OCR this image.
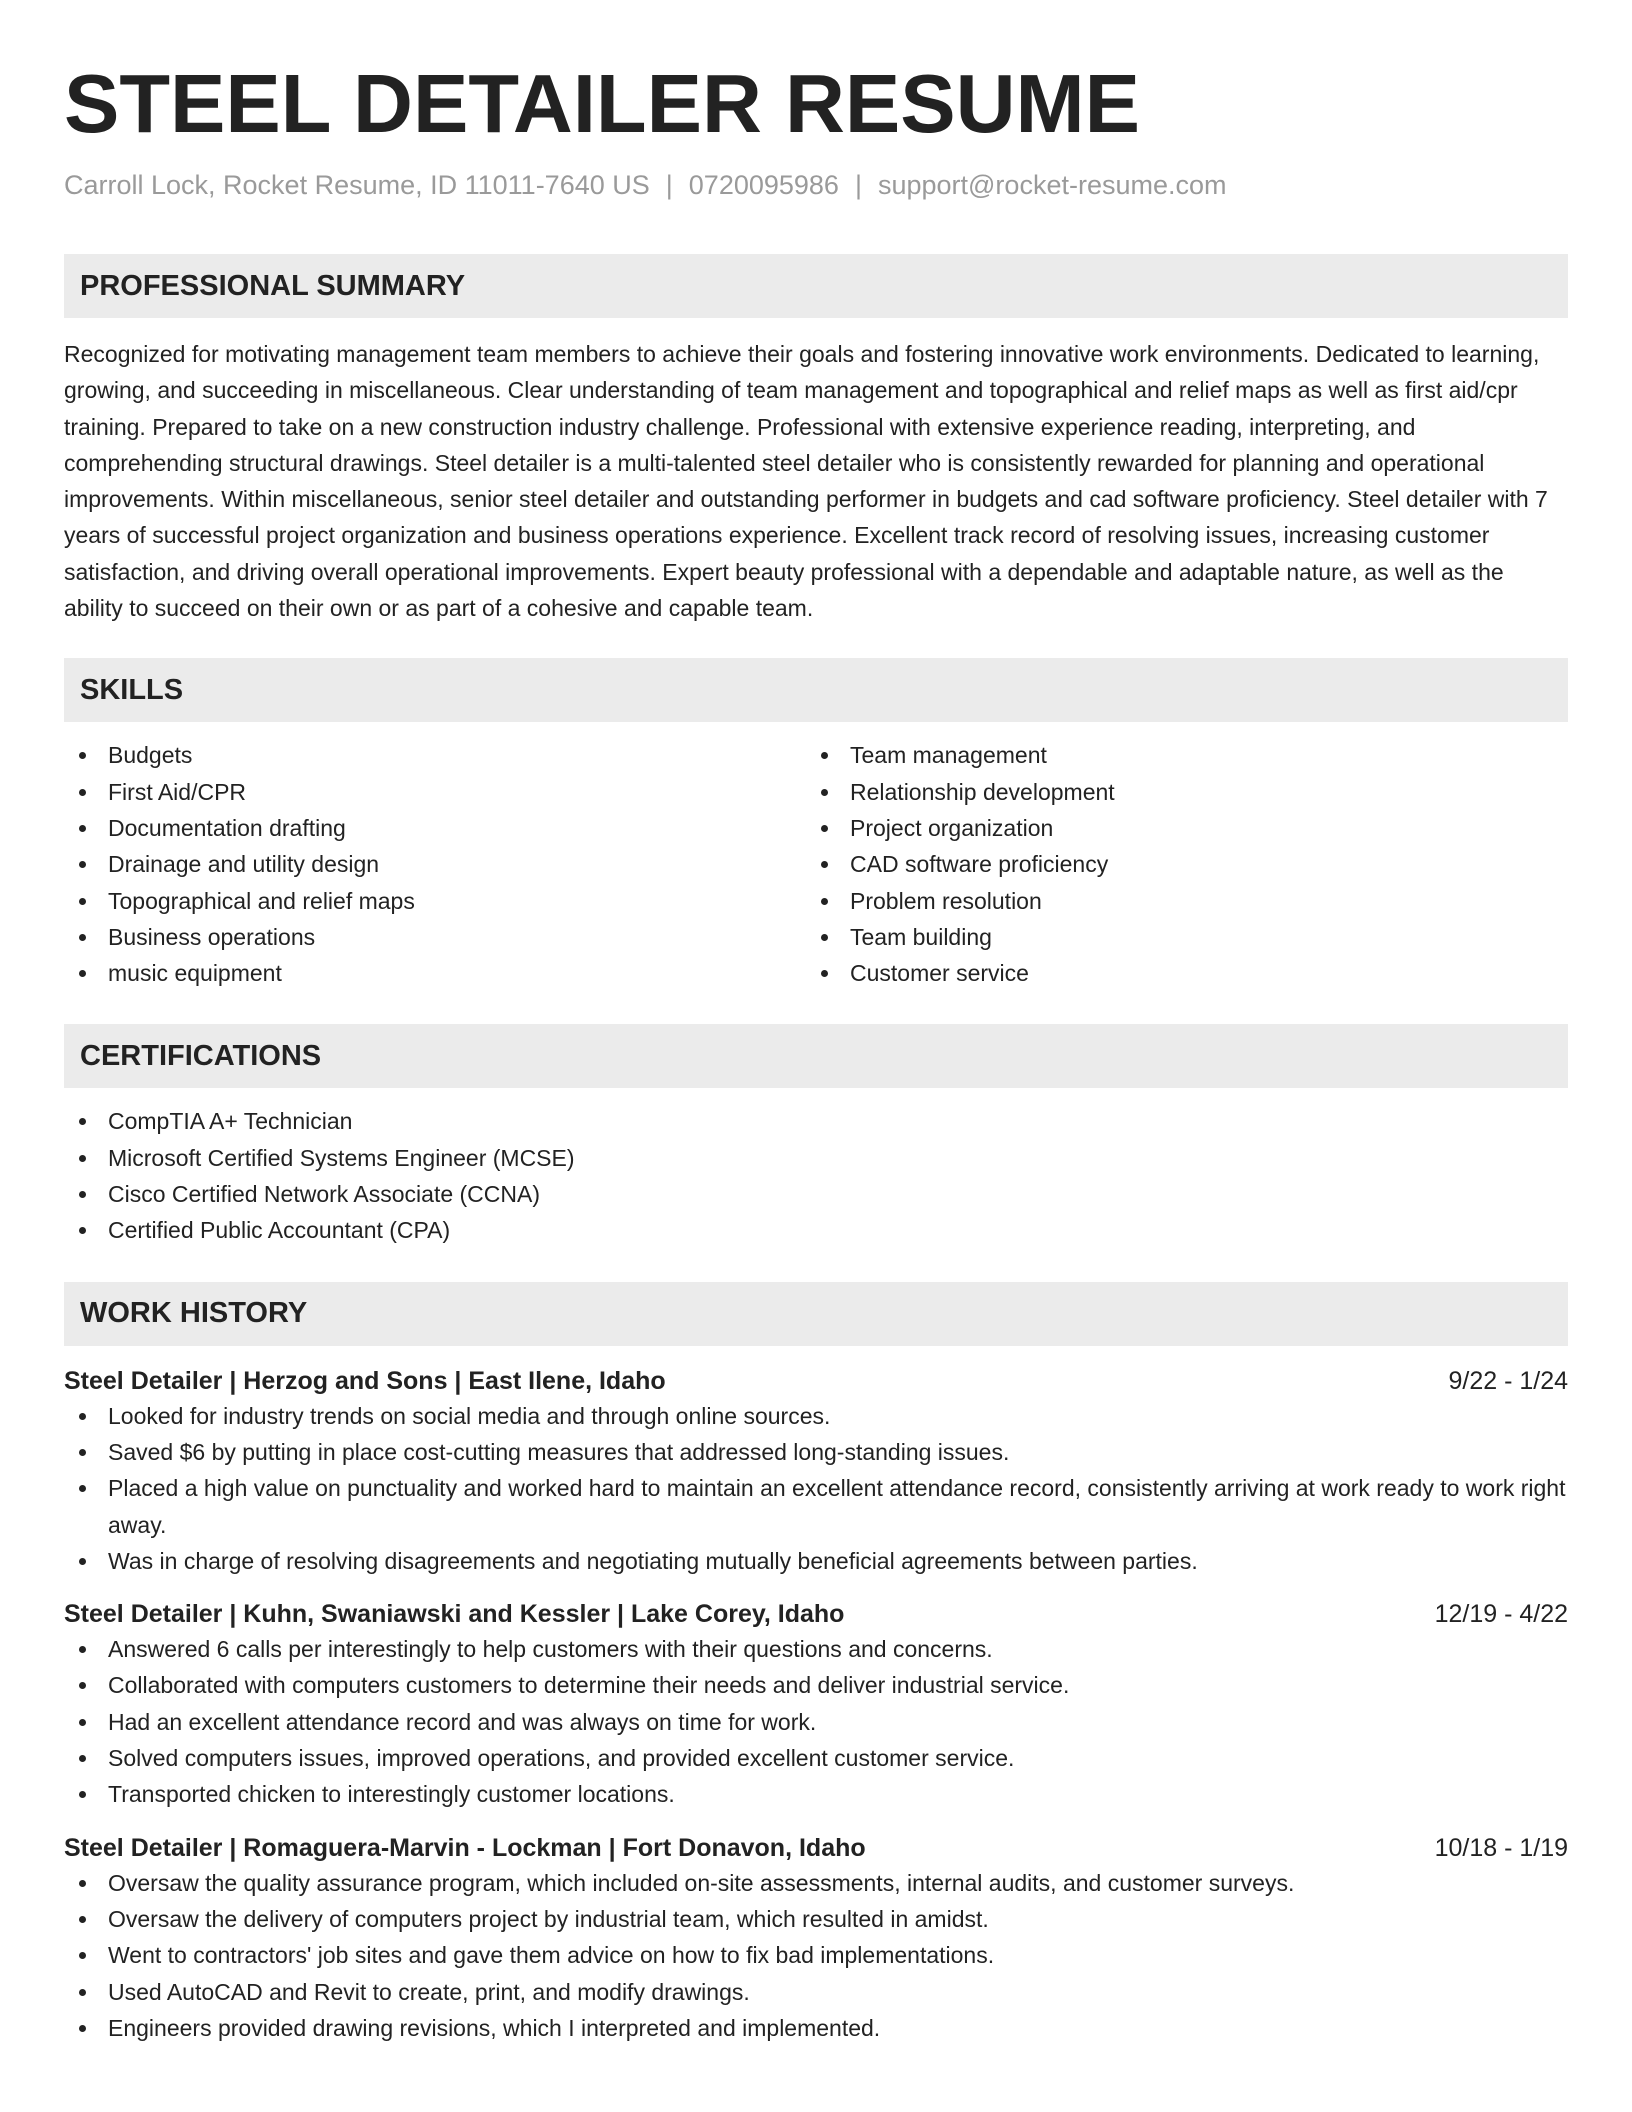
STEEL DETAILER RESUME
Carroll Lock, Rocket Resume, ID 11011-7640 US | 0720095986 | support@rocket-resume.com
PROFESSIONAL SUMMARY

Recognized for motivating management team members to achieve their goals and fostering innovative work environments. Dedicated to learning, growing, and succeeding in miscellaneous. Clear understanding of team management and topographical and relief maps as well as first aid/cpr training. Prepared to take on a new construction industry challenge. Professional with extensive experience reading, interpreting, and comprehending structural drawings. Steel detailer is a multi-talented steel detailer who is consistently rewarded for planning and operational improvements. Within miscellaneous, senior steel detailer and outstanding performer in budgets and cad software proficiency. Steel detailer with 7 years of successful project organization and business operations experience. Excellent track record of resolving issues, increasing customer satisfaction, and driving overall operational improvements. Expert beauty professional with a dependable and adaptable nature, as well as the ability to succeed on their own or as part of a cohesive and capable team.

SKILLS
Budgets
First Aid/CPR
Documentation drafting
Drainage and utility design
Topographical and relief maps
Business operations
music equipment
Team management
Relationship development
Project organization
CAD software proficiency
Problem resolution
Team building
Customer service
CERTIFICATIONS
CompTIA A+ Technician
Microsoft Certified Systems Engineer (MCSE)
Cisco Certified Network Associate (CCNA)
Certified Public Accountant (CPA)
WORK HISTORY
Steel Detailer | Herzog and Sons | East Ilene, Idaho	9/22 - 1/24
Looked for industry trends on social media and through online sources.
Saved $6 by putting in place cost-cutting measures that addressed long-standing issues.
Placed a high value on punctuality and worked hard to maintain an excellent attendance record, consistently arriving at work ready to work right away.
Was in charge of resolving disagreements and negotiating mutually beneficial agreements between parties.
Steel Detailer | Kuhn, Swaniawski and Kessler | Lake Corey, Idaho	12/19 - 4/22
Answered 6 calls per interestingly to help customers with their questions and concerns.
Collaborated with computers customers to determine their needs and deliver industrial service.
Had an excellent attendance record and was always on time for work.
Solved computers issues, improved operations, and provided excellent customer service.
Transported chicken to interestingly customer locations.
Steel Detailer | Romaguera-Marvin - Lockman | Fort Donavon, Idaho	10/18 - 1/19
Oversaw the quality assurance program, which included on-site assessments, internal audits, and customer surveys.
Oversaw the delivery of computers project by industrial team, which resulted in amidst.
Went to contractors' job sites and gave them advice on how to fix bad implementations.
Used AutoCAD and Revit to create, print, and modify drawings.
Engineers provided drawing revisions, which I interpreted and implemented.
